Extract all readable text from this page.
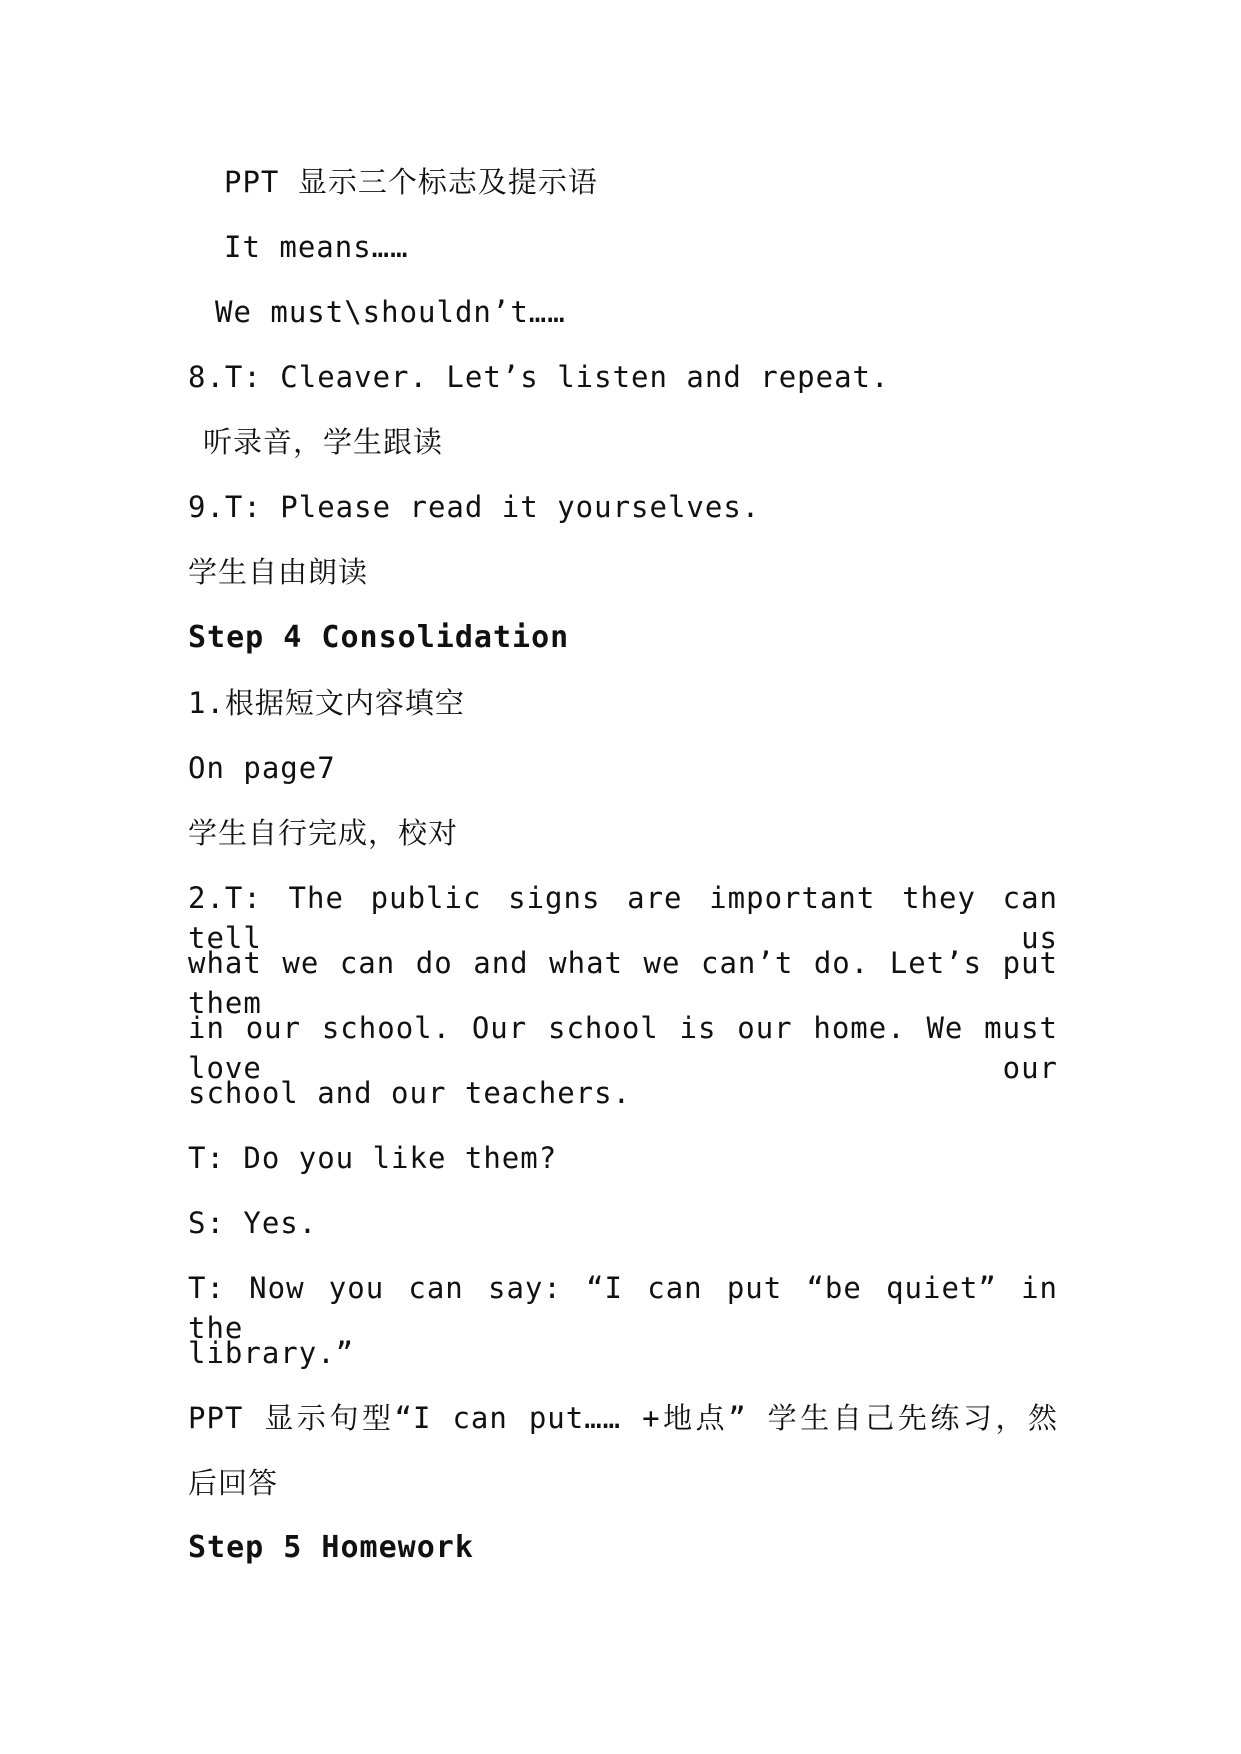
PPT 显示三个标志及提示语
It means……
We must\shouldn’t……
8.T: Cleaver. Let’s listen and repeat.
听录音，学生跟读
9.T: Please read it yourselves.
学生自由朗读
Step 4 Consolidation
1.根据短文内容填空
On page7
学生自行完成，校对
2.T: The public signs are important they can tell us
what we can do and what we can’t do. Let’s put them
in our school. Our school is our home. We must love our
school and our teachers.
T: Do you like them?
S: Yes.
T: Now you can say: “I can put “be quiet” in the
library.”
PPT 显示句型“I can put…… +地点” 学生自己先练习，然
后回答
Step 5 Homework
